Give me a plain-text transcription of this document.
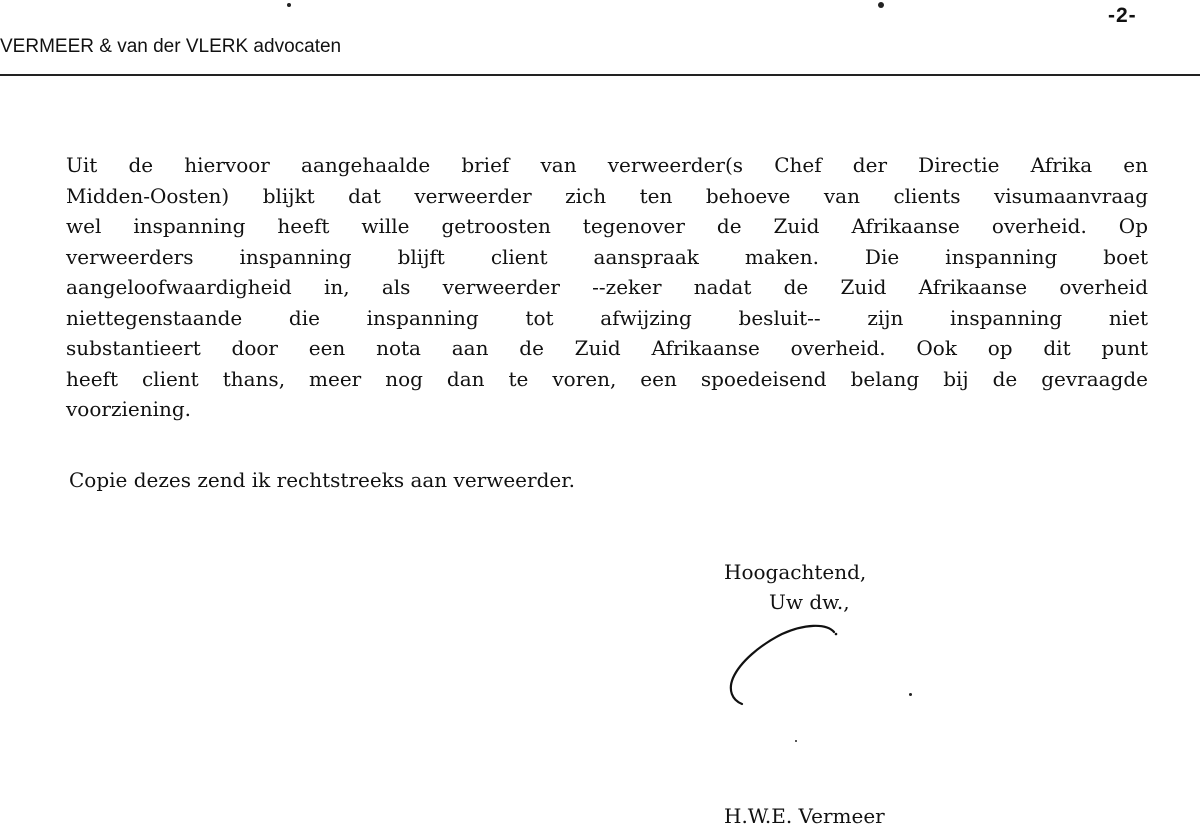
-2-
VERMEER & van der VLERK advocaten

Uit de hiervoor aangehaalde brief van verweerder(s Chef der Directie Afrika en
Midden-Oosten) blijkt dat verweerder zich ten behoeve van clients visumaanvraag
wel inspanning heeft wille getroosten tegenover de Zuid Afrikaanse overheid. Op
verweerders inspanning blijft client aanspraak maken. Die inspanning boet
aangeloofwaardigheid in, als verweerder --zeker nadat de Zuid Afrikaanse overheid
niettegenstaande die inspanning tot afwijzing besluit-- zijn inspanning niet
substantieert door een nota aan de Zuid Afrikaanse overheid. Ook op dit punt
heeft client thans, meer nog dan te voren, een spoedeisend belang bij de gevraagde
voorziening.

Copie dezes zend ik rechtstreeks aan verweerder.

Hoogachtend,
Uw dw.,

H.W.E. Vermeer
